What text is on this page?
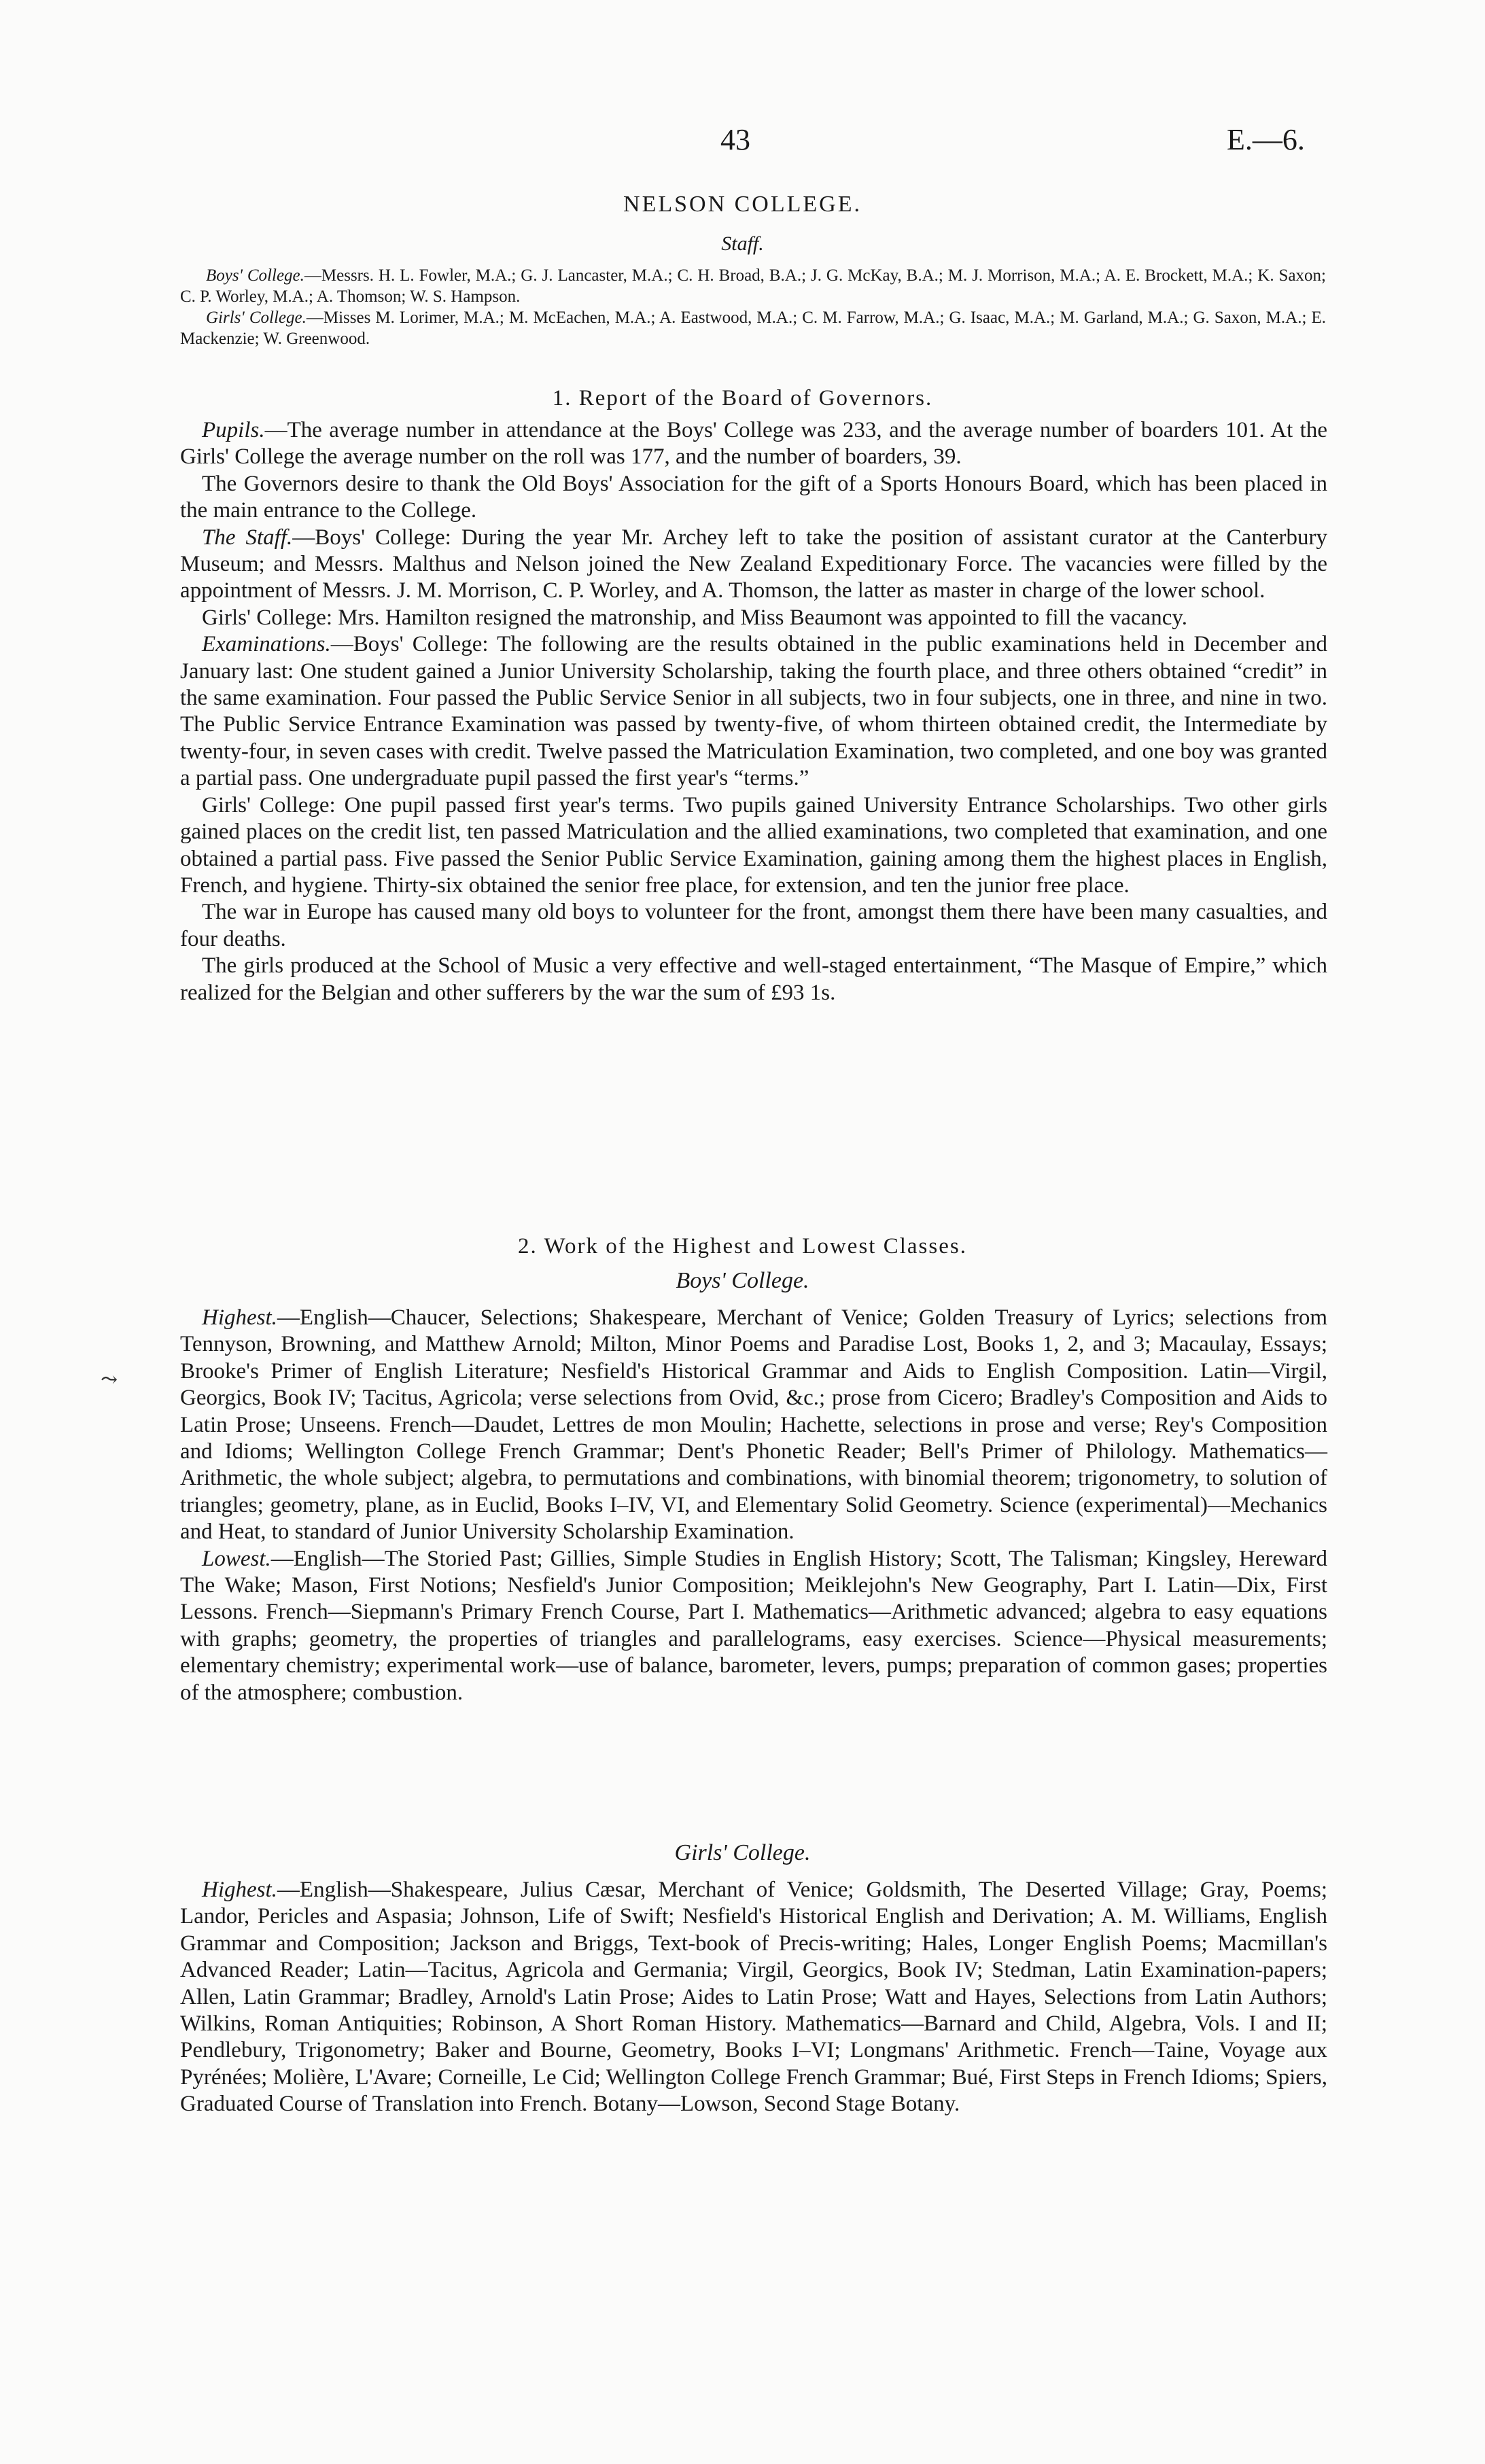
43	E.—6.
NELSON COLLEGE.
Staff.

Boys' College.—Messrs. H. L. Fowler, M.A.; G. J. Lancaster, M.A.; C. H. Broad, B.A.; J. G. McKay, B.A.; M. J. Morrison, M.A.; A. E. Brockett, M.A.; K. Saxon; C. P. Worley, M.A.; A. Thomson; W. S. Hampson.

Girls' College.—Misses M. Lorimer, M.A.; M. McEachen, M.A.; A. Eastwood, M.A.; C. M. Farrow, M.A.; G. Isaac, M.A.; M. Garland, M.A.; G. Saxon, M.A.; E. Mackenzie; W. Greenwood.

1. Report of the Board of Governors.

Pupils.—The average number in attendance at the Boys' College was 233, and the average number of boarders 101. At the Girls' College the average number on the roll was 177, and the number of boarders, 39.

The Governors desire to thank the Old Boys' Association for the gift of a Sports Honours Board, which has been placed in the main entrance to the College.

The Staff.—Boys' College: During the year Mr. Archey left to take the position of assistant curator at the Canterbury Museum; and Messrs. Malthus and Nelson joined the New Zealand Expeditionary Force. The vacancies were filled by the appointment of Messrs. J. M. Morrison, C. P. Worley, and A. Thomson, the latter as master in charge of the lower school.

Girls' College: Mrs. Hamilton resigned the matronship, and Miss Beaumont was appointed to fill the vacancy.

Examinations.—Boys' College: The following are the results obtained in the public examinations held in December and January last: One student gained a Junior University Scholarship, taking the fourth place, and three others obtained “credit” in the same examination. Four passed the Public Service Senior in all subjects, two in four subjects, one in three, and nine in two. The Public Service Entrance Examination was passed by twenty-five, of whom thirteen obtained credit, the Intermediate by twenty-four, in seven cases with credit. Twelve passed the Matriculation Examination, two completed, and one boy was granted a partial pass. One undergraduate pupil passed the first year's “terms.”

Girls' College: One pupil passed first year's terms. Two pupils gained University Entrance Scholarships. Two other girls gained places on the credit list, ten passed Matriculation and the allied examinations, two completed that examination, and one obtained a partial pass. Five passed the Senior Public Service Examination, gaining among them the highest places in English, French, and hygiene. Thirty-six obtained the senior free place, for extension, and ten the junior free place.

The war in Europe has caused many old boys to volunteer for the front, amongst them there have been many casualties, and four deaths.

The girls produced at the School of Music a very effective and well-staged entertainment, “The Masque of Empire,” which realized for the Belgian and other sufferers by the war the sum of £93 1s.

2. Work of the Highest and Lowest Classes.
Boys' College.
⤳

Highest.—English—Chaucer, Selections; Shakespeare, Merchant of Venice; Golden Treasury of Lyrics; selections from Tennyson, Browning, and Matthew Arnold; Milton, Minor Poems and Paradise Lost, Books 1, 2, and 3; Macaulay, Essays; Brooke's Primer of English Literature; Nesfield's Historical Grammar and Aids to English Composition. Latin—Virgil, Georgics, Book IV; Tacitus, Agricola; verse selections from Ovid, &c.; prose from Cicero; Bradley's Composition and Aids to Latin Prose; Unseens. French—Daudet, Lettres de mon Moulin; Hachette, selections in prose and verse; Rey's Composition and Idioms; Wellington College French Grammar; Dent's Phonetic Reader; Bell's Primer of Philology. Mathematics—Arithmetic, the whole subject; algebra, to permutations and combinations, with binomial theorem; trigonometry, to solution of triangles; geometry, plane, as in Euclid, Books I–IV, VI, and Elementary Solid Geometry. Science (experimental)—Mechanics and Heat, to standard of Junior University Scholarship Examination.

Lowest.—English—The Storied Past; Gillies, Simple Studies in English History; Scott, The Talisman; Kingsley, Hereward The Wake; Mason, First Notions; Nesfield's Junior Composition; Meiklejohn's New Geography, Part I. Latin—Dix, First Lessons. French—Siepmann's Primary French Course, Part I. Mathematics—Arithmetic advanced; algebra to easy equations with graphs; geometry, the properties of triangles and parallelograms, easy exercises. Science—Physical measurements; elementary chemistry; experimental work—use of balance, barometer, levers, pumps; preparation of common gases; properties of the atmosphere; combustion.

Girls' College.

Highest.—English—Shakespeare, Julius Cæsar, Merchant of Venice; Goldsmith, The Deserted Village; Gray, Poems; Landor, Pericles and Aspasia; Johnson, Life of Swift; Nesfield's Historical English and Derivation; A. M. Williams, English Grammar and Composition; Jackson and Briggs, Text-book of Precis-writing; Hales, Longer English Poems; Macmillan's Advanced Reader; Latin—Tacitus, Agricola and Germania; Virgil, Georgics, Book IV; Stedman, Latin Examination-papers; Allen, Latin Grammar; Bradley, Arnold's Latin Prose; Aides to Latin Prose; Watt and Hayes, Selections from Latin Authors; Wilkins, Roman Antiquities; Robinson, A Short Roman History. Mathematics—Barnard and Child, Algebra, Vols. I and II; Pendlebury, Trigonometry; Baker and Bourne, Geometry, Books I–VI; Longmans' Arithmetic. French—Taine, Voyage aux Pyrénées; Molière, L'Avare; Corneille, Le Cid; Wellington College French Grammar; Bué, First Steps in French Idioms; Spiers, Graduated Course of Translation into French. Botany—Lowson, Second Stage Botany.
